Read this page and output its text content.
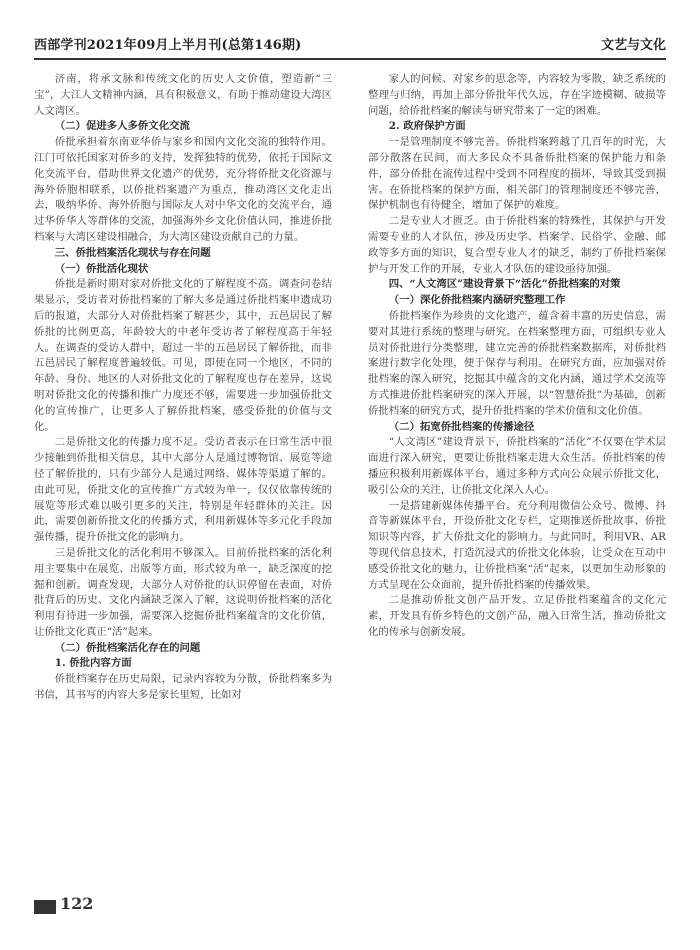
西部学刊2021年09月上半月刊(总第146期)	文艺与文化
济南，将承文脉和传统文化的历史人文价值，塑造新“三宝”，大江人文精神内涵，具有积极意义，有助于推动建设大湾区人文湾区。
（二）促进多人多侨文化交流
侨批承担着东南亚华侨与家乡和国内文化交流的独特作用。江门可依托国家对侨乡的支持，发挥独特的优势，依托于国际文化交流平台，借助世界文化遗产的优势，充分将侨批文化资源与海外侨胞相联系，以侨批档案遗产为重点，推动湾区文化走出去，吸纳华侨、海外侨胞与国际友人对中华文化的交流平台，通过华侨华人等群体的交流，加强海外乡文化价值认同，推进侨批档案与大湾区建设相融合，为大湾区建设贡献自己的力量。
三、侨批档案活化现状与存在问题
（一）侨批活化现状
侨批是新时期对家对侨批文化的了解程度不高。调查问卷结果显示，受访者对侨批档案的了解大多是通过侨批档案申遗成功后的报道，大部分人对侨批档案了解甚少，其中，五邑居民了解侨批的比例更高，年龄较大的中老年受访者了解程度高于年轻人。在调查的受访人群中，超过一半的五邑居民了解侨批，而非五邑居民了解程度普遍较低。可见，即使在同一个地区，不同的年龄、身份、地区的人对侨批文化的了解程度也存在差异，这说明对侨批文化的传播和推广力度还不够，需要进一步加强侨批文化的宣传推广，让更多人了解侨批档案，感受侨批的价值与文化。
二是侨批文化的传播力度不足。受访者表示在日常生活中很少接触到侨批相关信息，其中大部分人是通过博物馆、展览等途径了解侨批的，只有少部分人是通过网络、媒体等渠道了解的。由此可见，侨批文化的宣传推广方式较为单一，仅仅依靠传统的展览等形式难以吸引更多的关注，特别是年轻群体的关注。因此，需要创新侨批文化的传播方式，利用新媒体等多元化手段加强传播，提升侨批文化的影响力。
三是侨批文化的活化利用不够深入。目前侨批档案的活化利用主要集中在展览、出版等方面，形式较为单一，缺乏深度的挖掘和创新。调查发现，大部分人对侨批的认识停留在表面，对侨批背后的历史、文化内涵缺乏深入了解，这说明侨批档案的活化利用有待进一步加强，需要深入挖掘侨批档案蕴含的文化价值，让侨批文化真正“活”起来。
（二）侨批档案活化存在的问题
1. 侨批内容方面
侨批档案存在历史局限，记录内容较为分散，侨批档案多为书信，其书写的内容大多是家长里短，比如对
家人的问候、对家乡的思念等，内容较为零散，缺乏系统的整理与归纳，再加上部分侨批年代久远，存在字迹模糊、破损等问题，给侨批档案的解读与研究带来了一定的困难。
2. 政府保护方面
一是管理制度不够完善。侨批档案跨越了几百年的时光，大部分散落在民间，而大多民众不具备侨批档案的保护能力和条件，部分侨批在流传过程中受到不同程度的损坏，导致其受到损害。在侨批档案的保护方面，相关部门的管理制度还不够完善，保护机制也有待健全，增加了保护的难度。
二是专业人才匮乏。由于侨批档案的特殊性，其保护与开发需要专业的人才队伍，涉及历史学、档案学、民俗学、金融、邮政等多方面的知识，复合型专业人才的缺乏，制约了侨批档案保护与开发工作的开展，专业人才队伍的建设亟待加强。
四、“人文湾区”建设背景下“活化”侨批档案的对策
（一）深化侨批档案内涵研究整理工作
侨批档案作为珍贵的文化遗产，蕴含着丰富的历史信息，需要对其进行系统的整理与研究。在档案整理方面，可组织专业人员对侨批进行分类整理，建立完善的侨批档案数据库，对侨批档案进行数字化处理，便于保存与利用。在研究方面，应加强对侨批档案的深入研究，挖掘其中蕴含的文化内涵，通过学术交流等方式推进侨批档案研究的深入开展，以“智慧侨批”为基础，创新侨批档案的研究方式，提升侨批档案的学术价值和文化价值。
（二）拓宽侨批档案的传播途径
“人文湾区”建设背景下，侨批档案的“活化”不仅要在学术层面进行深入研究，更要让侨批档案走进大众生活。侨批档案的传播应积极利用新媒体平台，通过多种方式向公众展示侨批文化，吸引公众的关注，让侨批文化深入人心。
一是搭建新媒体传播平台。充分利用微信公众号、微博、抖音等新媒体平台，开设侨批文化专栏，定期推送侨批故事、侨批知识等内容，扩大侨批文化的影响力。与此同时，利用VR、AR等现代信息技术，打造沉浸式的侨批文化体验，让受众在互动中感受侨批文化的魅力，让侨批档案“活”起来，以更加生动形象的方式呈现在公众面前，提升侨批档案的传播效果。
二是推动侨批文创产品开发。立足侨批档案蕴含的文化元素，开发具有侨乡特色的文创产品，融入日常生活，推动侨批文化的传承与创新发展。
122
